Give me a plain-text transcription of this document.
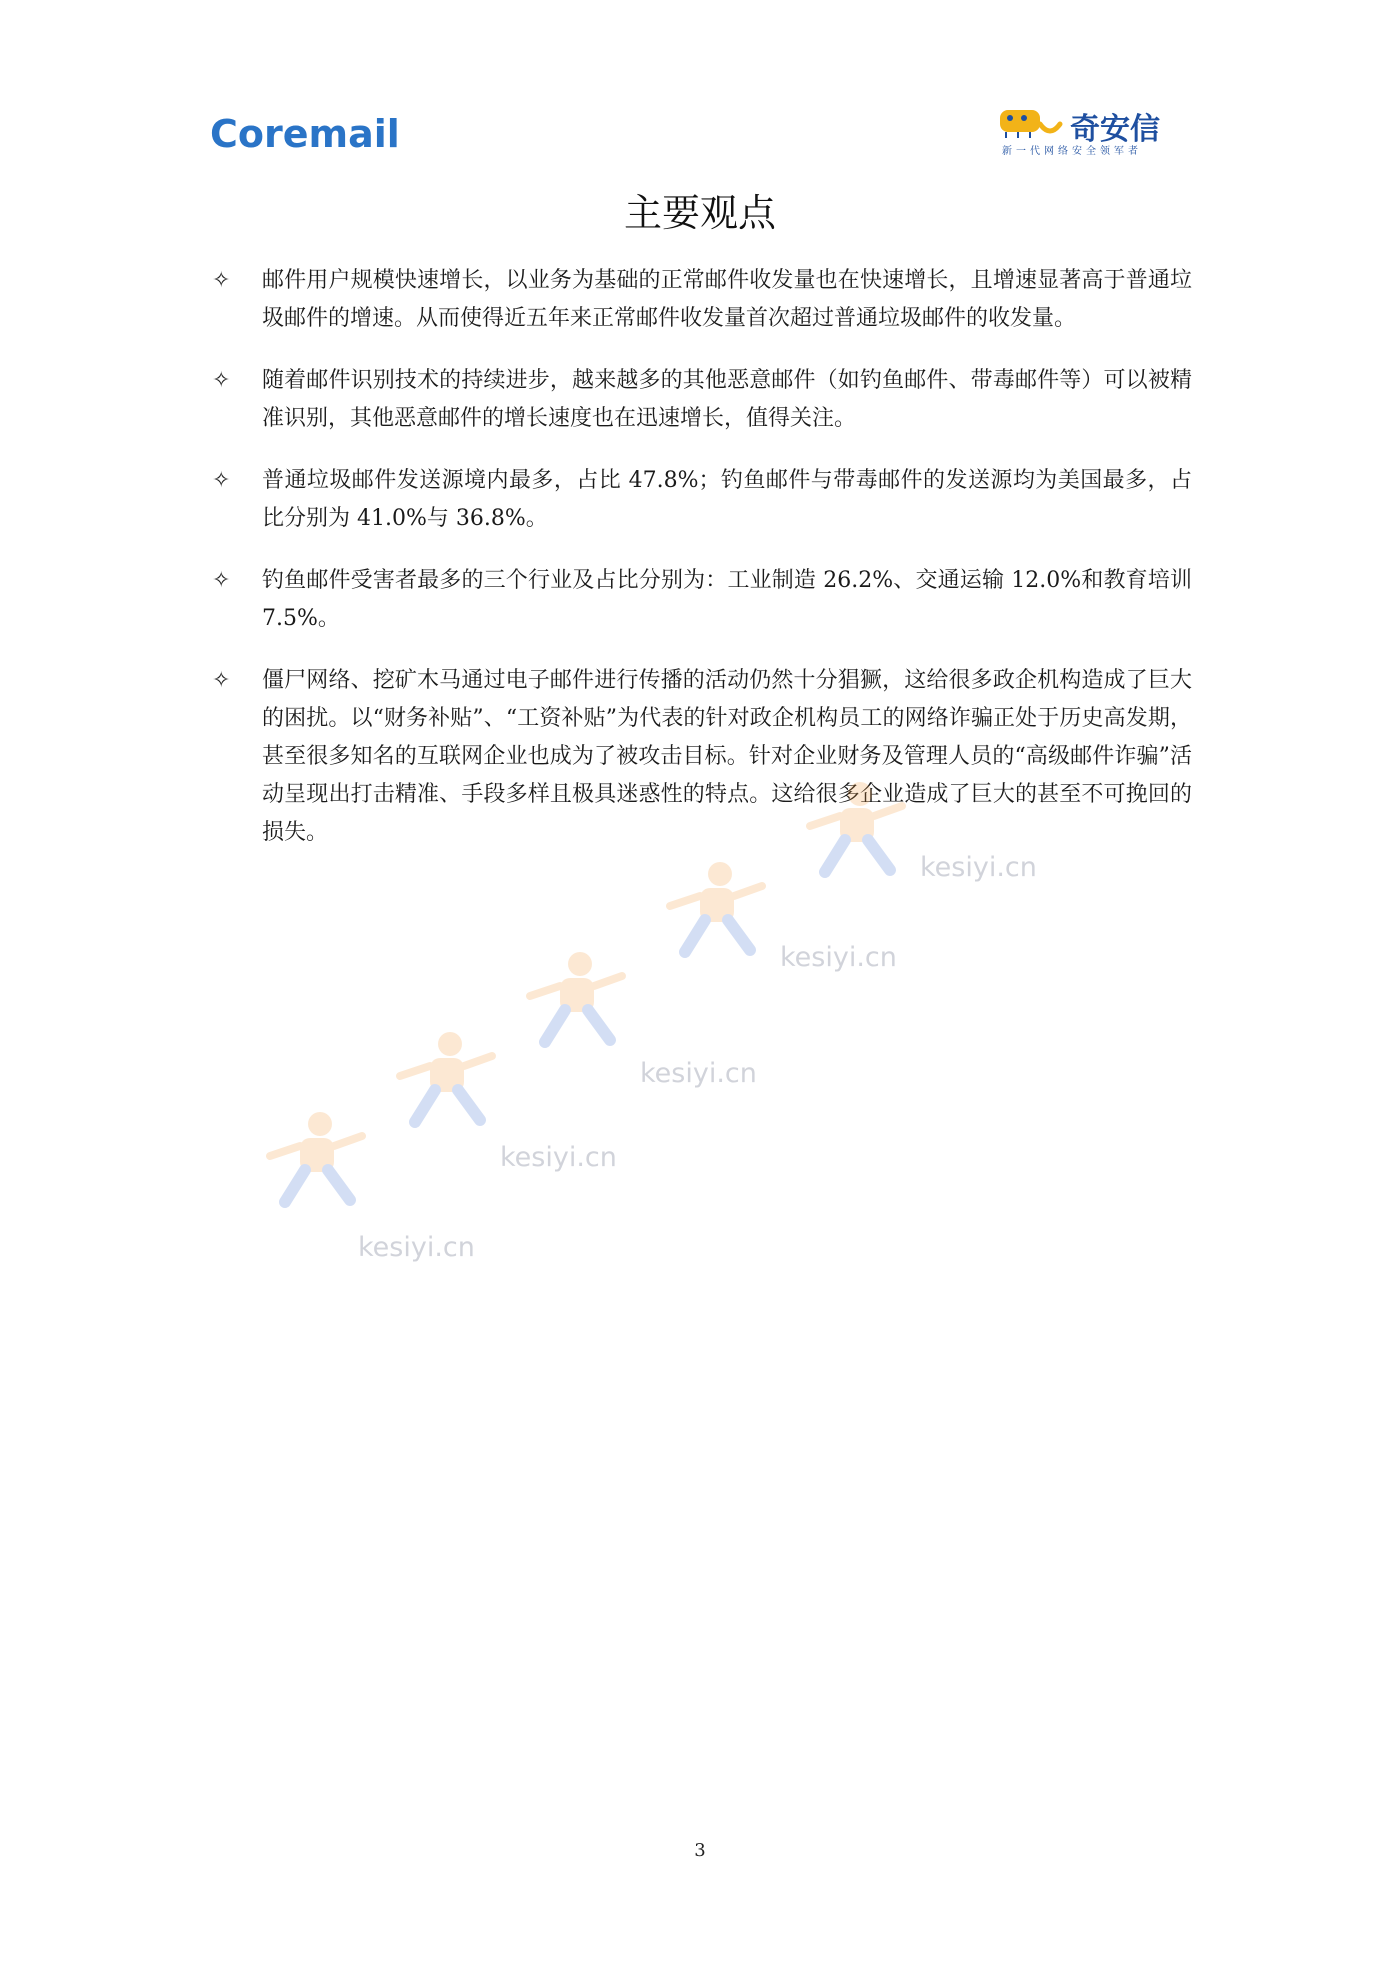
Coremail	奇安信
新一代网络安全领军者
主要观点
✧ 邮件用户规模快速增长，以业务为基础的正常邮件收发量也在快速增长，且增速显著高于普通垃圾邮件的增速。从而使得近五年来正常邮件收发量首次超过普通垃圾邮件的收发量。
✧ 随着邮件识别技术的持续进步，越来越多的其他恶意邮件（如钓鱼邮件、带毒邮件等）可以被精准识别，其他恶意邮件的增长速度也在迅速增长，值得关注。
✧ 普通垃圾邮件发送源境内最多，占比 47.8%；钓鱼邮件与带毒邮件的发送源均为美国最多，占比分别为 41.0%与 36.8%。
✧ 钓鱼邮件受害者最多的三个行业及占比分别为：工业制造 26.2%、交通运输 12.0%和教育培训 7.5%。
✧ 僵尸网络、挖矿木马通过电子邮件进行传播的活动仍然十分猖獗，这给很多政企机构造成了巨大的困扰。以“财务补贴”、“工资补贴”为代表的针对政企机构员工的网络诈骗正处于历史高发期，甚至很多知名的互联网企业也成为了被攻击目标。针对企业财务及管理人员的“高级邮件诈骗”活动呈现出打击精准、手段多样且极具迷惑性的特点。这给很多企业造成了巨大的甚至不可挽回的损失。
kesiyi.cn
kesiyi.cn
kesiyi.cn
kesiyi.cn
kesiyi.cn
3
